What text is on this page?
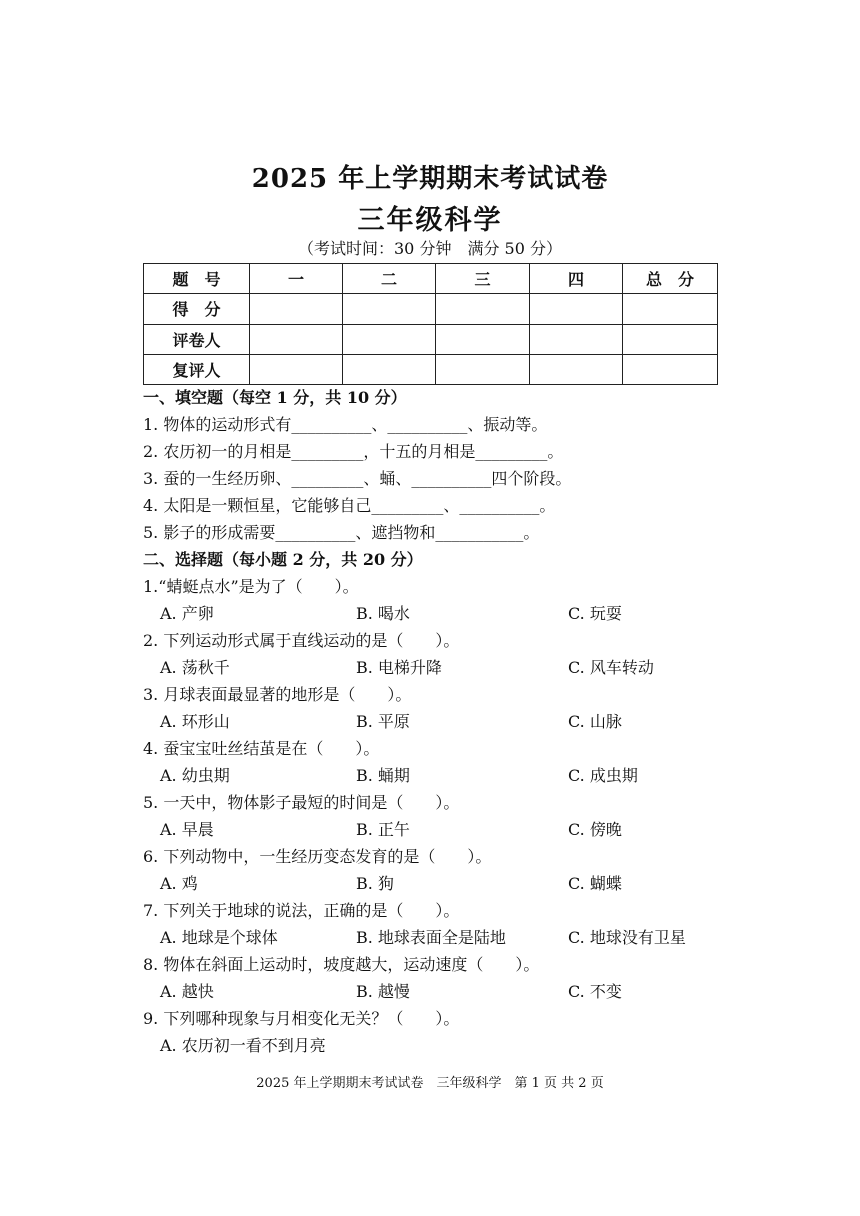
2025 年上学期期末考试试卷
三年级科学
（考试时间：30 分钟　满分 50 分）
题　号	一	二	三	四	总　分
得　分					
评卷人					
复评人					
一、填空题（每空 1 分，共 10 分）
1. 物体的运动形式有__________、__________、振动等。
2. 农历初一的月相是_________，十五的月相是_________。
3. 蚕的一生经历卵、_________、蛹、__________四个阶段。
4. 太阳是一颗恒星，它能够自己_________、__________。
5. 影子的形成需要__________、遮挡物和___________。
二、选择题（每小题 2 分，共 20 分）
1.“蜻蜓点水”是为了（　　）。
A. 产卵	B. 喝水	C. 玩耍
2. 下列运动形式属于直线运动的是（　　）。
A. 荡秋千	B. 电梯升降	C. 风车转动
3. 月球表面最显著的地形是（　　）。
A. 环形山	B. 平原	C. 山脉
4. 蚕宝宝吐丝结茧是在（　　）。
A. 幼虫期	B. 蛹期	C. 成虫期
5. 一天中，物体影子最短的时间是（　　）。
A. 早晨	B. 正午	C. 傍晚
6. 下列动物中，一生经历变态发育的是（　　）。
A. 鸡	B. 狗	C. 蝴蝶
7. 下列关于地球的说法，正确的是（　　）。
A. 地球是个球体	B. 地球表面全是陆地	C. 地球没有卫星
8. 物体在斜面上运动时，坡度越大，运动速度（　　）。
A. 越快	B. 越慢	C. 不变
9. 下列哪种现象与月相变化无关？（　　）。
A. 农历初一看不到月亮
2025 年上学期期末考试试卷　三年级科学　第 1 页 共 2 页
